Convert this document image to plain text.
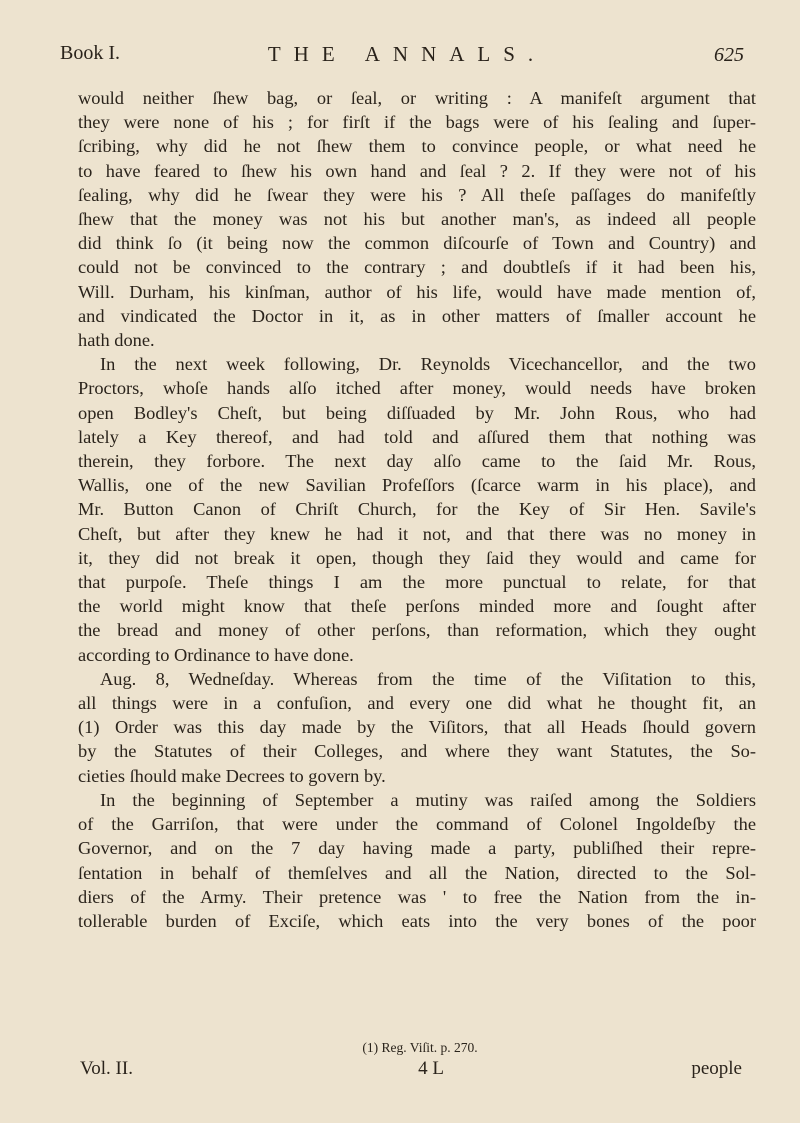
Book I.	THE ANNALS.	625

would neither ſhew bag, or ſeal, or writing : A manifeſt argument that

they were none of his ; for firſt if the bags were of his ſealing and ſuper-

ſcribing, why did he not ſhew them to convince people, or what need he

to have feared to ſhew his own hand and ſeal ? 2. If they were not of his

ſealing, why did he ſwear they were his ? All theſe paſſages do manifeſtly

ſhew that the money was not his but another man's, as indeed all people

did think ſo (it being now the common diſcourſe of Town and Country) and

could not be convinced to the contrary ; and doubtleſs if it had been his,

Will. Durham, his kinſman, author of his life, would have made mention of,

and vindicated the Doctor in it, as in other matters of ſmaller account he

hath done.

In the next week following, Dr. Reynolds Vicechancellor, and the two

Proctors, whoſe hands alſo itched after money, would needs have broken

open Bodley's Cheſt, but being diſſuaded by Mr. John Rous, who had

lately a Key thereof, and had told and aſſured them that nothing was

therein, they forbore. The next day alſo came to the ſaid Mr. Rous,

Wallis, one of the new Savilian Profeſſors (ſcarce warm in his place), and

Mr. Button Canon of Chriſt Church, for the Key of Sir Hen. Savile's

Cheſt, but after they knew he had it not, and that there was no money in

it, they did not break it open, though they ſaid they would and came for

that purpoſe. Theſe things I am the more punctual to relate, for that

the world might know that theſe perſons minded more and ſought after

the bread and money of other perſons, than reformation, which they ought

according to Ordinance to have done.

Aug. 8, Wedneſday. Whereas from the time of the Viſitation to this,

all things were in a confuſion, and every one did what he thought fit, an

(1) Order was this day made by the Viſitors, that all Heads ſhould govern

by the Statutes of their Colleges, and where they want Statutes, the So-

cieties ſhould make Decrees to govern by.

In the beginning of September a mutiny was raiſed among the Soldiers

of the Garriſon, that were under the command of Colonel Ingoldeſby the

Governor, and on the 7 day having made a party, publiſhed their repre-

ſentation in behalf of themſelves and all the Nation, directed to the Sol-

diers of the Army. Their pretence was ' to free the Nation from the in-

tollerable burden of Exciſe, which eats into the very bones of the poor

(1) Reg. Viſit. p. 270.
Vol. II.	4 L	people
